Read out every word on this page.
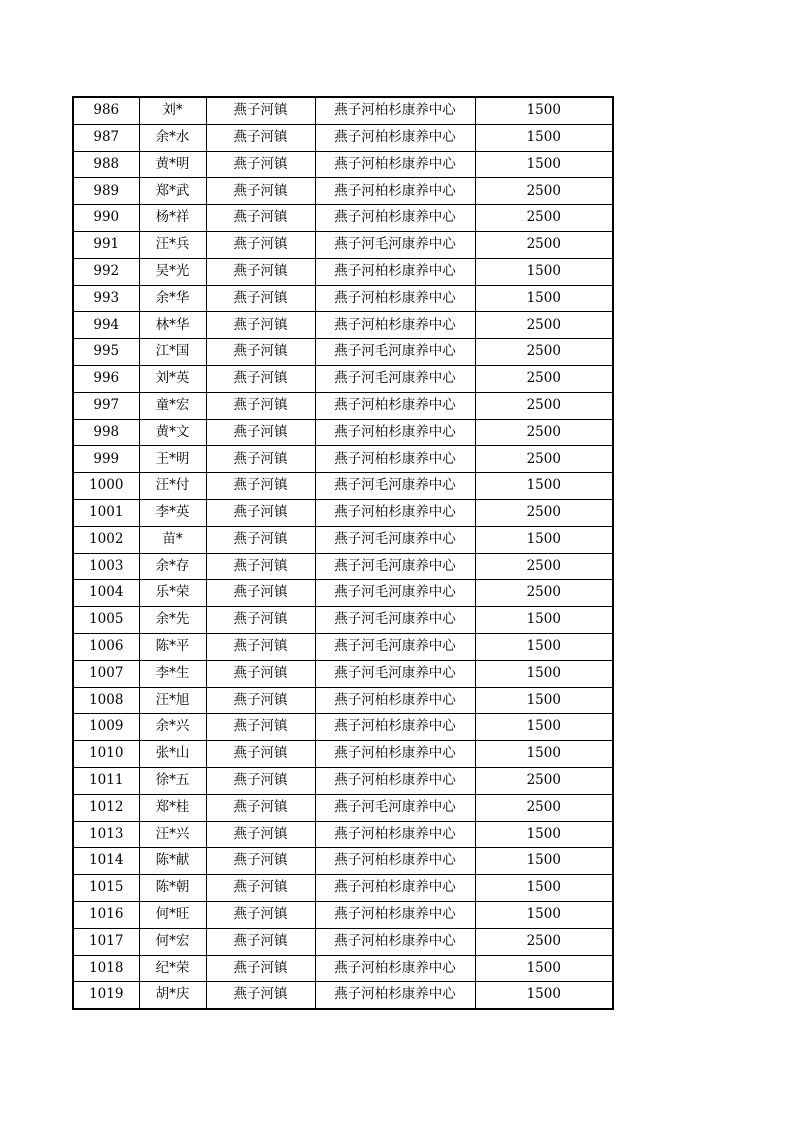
986	刘*	燕子河镇	燕子河柏杉康养中心	1500
987	余*水	燕子河镇	燕子河柏杉康养中心	1500
988	黄*明	燕子河镇	燕子河柏杉康养中心	1500
989	郑*武	燕子河镇	燕子河柏杉康养中心	2500
990	杨*祥	燕子河镇	燕子河柏杉康养中心	2500
991	汪*兵	燕子河镇	燕子河毛河康养中心	2500
992	吴*光	燕子河镇	燕子河柏杉康养中心	1500
993	余*华	燕子河镇	燕子河柏杉康养中心	1500
994	林*华	燕子河镇	燕子河柏杉康养中心	2500
995	江*国	燕子河镇	燕子河毛河康养中心	2500
996	刘*英	燕子河镇	燕子河毛河康养中心	2500
997	童*宏	燕子河镇	燕子河柏杉康养中心	2500
998	黄*文	燕子河镇	燕子河柏杉康养中心	2500
999	王*明	燕子河镇	燕子河柏杉康养中心	2500
1000	汪*付	燕子河镇	燕子河毛河康养中心	1500
1001	李*英	燕子河镇	燕子河柏杉康养中心	2500
1002	苗*	燕子河镇	燕子河毛河康养中心	1500
1003	余*存	燕子河镇	燕子河毛河康养中心	2500
1004	乐*荣	燕子河镇	燕子河毛河康养中心	2500
1005	余*先	燕子河镇	燕子河毛河康养中心	1500
1006	陈*平	燕子河镇	燕子河毛河康养中心	1500
1007	李*生	燕子河镇	燕子河毛河康养中心	1500
1008	汪*旭	燕子河镇	燕子河柏杉康养中心	1500
1009	余*兴	燕子河镇	燕子河柏杉康养中心	1500
1010	张*山	燕子河镇	燕子河柏杉康养中心	1500
1011	徐*五	燕子河镇	燕子河柏杉康养中心	2500
1012	郑*桂	燕子河镇	燕子河毛河康养中心	2500
1013	汪*兴	燕子河镇	燕子河柏杉康养中心	1500
1014	陈*献	燕子河镇	燕子河柏杉康养中心	1500
1015	陈*朝	燕子河镇	燕子河柏杉康养中心	1500
1016	何*旺	燕子河镇	燕子河柏杉康养中心	1500
1017	何*宏	燕子河镇	燕子河柏杉康养中心	2500
1018	纪*荣	燕子河镇	燕子河柏杉康养中心	1500
1019	胡*庆	燕子河镇	燕子河柏杉康养中心	1500
